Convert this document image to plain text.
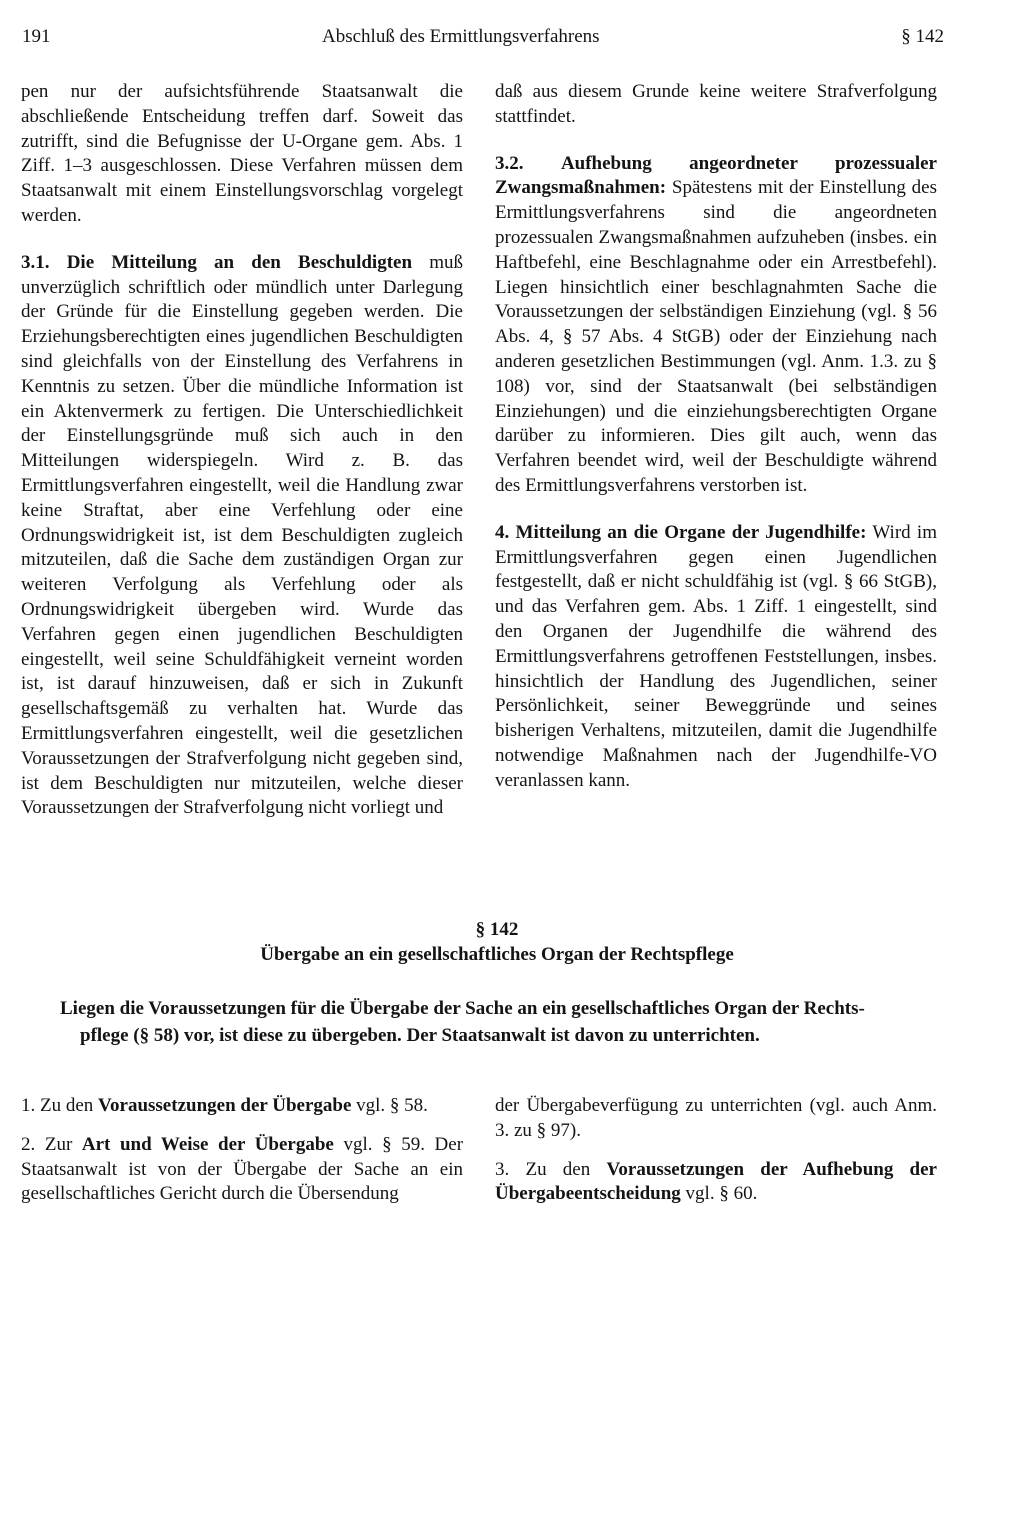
191	Abschluß des Ermittlungsverfahrens	§ 142

pen nur der aufsichtsführende Staatsanwalt die abschließende Entscheidung treffen darf. Soweit das zutrifft, sind die Befugnisse der U-Organe gem. Abs. 1 Ziff. 1–3 ausgeschlossen. Diese Verfahren müssen dem Staatsanwalt mit einem Einstellungsvorschlag vorgelegt werden.

3.1. Die Mitteilung an den Beschuldigten muß unverzüglich schriftlich oder mündlich unter Darlegung der Gründe für die Einstellung gegeben werden. Die Erziehungsberechtigten eines jugendlichen Beschuldigten sind gleichfalls von der Einstellung des Verfahrens in Kenntnis zu setzen. Über die mündliche Information ist ein Aktenvermerk zu fertigen. Die Unterschiedlichkeit der Einstellungsgründe muß sich auch in den Mitteilungen widerspiegeln. Wird z. B. das Ermittlungsverfahren eingestellt, weil die Handlung zwar keine Straftat, aber eine Verfehlung oder eine Ordnungswidrigkeit ist, ist dem Beschuldigten zugleich mitzuteilen, daß die Sache dem zuständigen Organ zur weiteren Verfolgung als Verfehlung oder als Ordnungswidrigkeit übergeben wird. Wurde das Verfahren gegen einen jugendlichen Beschuldigten eingestellt, weil seine Schuldfähigkeit verneint worden ist, ist darauf hinzuweisen, daß er sich in Zukunft gesellschaftsgemäß zu verhalten hat. Wurde das Ermittlungsverfahren eingestellt, weil die gesetzlichen Voraussetzungen der Strafverfolgung nicht gegeben sind, ist dem Beschuldigten nur mitzuteilen, welche dieser Voraussetzungen der Strafverfolgung nicht vorliegt und

daß aus diesem Grunde keine weitere Strafverfolgung stattfindet.

3.2. Aufhebung angeordneter prozessualer Zwangsmaßnahmen: Spätestens mit der Einstellung des Ermittlungsverfahrens sind die angeordneten prozessualen Zwangsmaßnahmen aufzuheben (insbes. ein Haftbefehl, eine Beschlagnahme oder ein Arrestbefehl). Liegen hinsichtlich einer beschlagnahmten Sache die Voraussetzungen der selbständigen Einziehung (vgl. § 56 Abs. 4, § 57 Abs. 4 StGB) oder der Einziehung nach anderen gesetzlichen Bestimmungen (vgl. Anm. 1.3. zu § 108) vor, sind der Staatsanwalt (bei selbständigen Einziehungen) und die einziehungsberechtigten Organe darüber zu informieren. Dies gilt auch, wenn das Verfahren beendet wird, weil der Beschuldigte während des Ermittlungsverfahrens verstorben ist.

4. Mitteilung an die Organe der Jugendhilfe: Wird im Ermittlungsverfahren gegen einen Jugendlichen festgestellt, daß er nicht schuldfähig ist (vgl. § 66 StGB), und das Verfahren gem. Abs. 1 Ziff. 1 eingestellt, sind den Organen der Jugendhilfe die während des Ermittlungsverfahrens getroffenen Feststellungen, insbes. hinsichtlich der Handlung des Jugendlichen, seiner Persönlichkeit, seiner Beweggründe und seines bisherigen Verhaltens, mitzuteilen, damit die Jugendhilfe notwendige Maßnahmen nach der Jugendhilfe-VO veranlassen kann.

§ 142
Übergabe an ein gesellschaftliches Organ der Rechtspflege
Liegen die Voraussetzungen für die Übergabe der Sache an ein gesellschaftliches Organ der Rechts-
pflege (§ 58) vor, ist diese zu übergeben. Der Staatsanwalt ist davon zu unterrichten.

1. Zu den Voraussetzungen der Übergabe vgl. § 58.

2. Zur Art und Weise der Übergabe vgl. § 59. Der Staatsanwalt ist von der Übergabe der Sache an ein gesellschaftliches Gericht durch die Übersendung

der Übergabeverfügung zu unterrichten (vgl. auch Anm. 3. zu § 97).

3. Zu den Voraussetzungen der Aufhebung der Übergabeentscheidung vgl. § 60.
